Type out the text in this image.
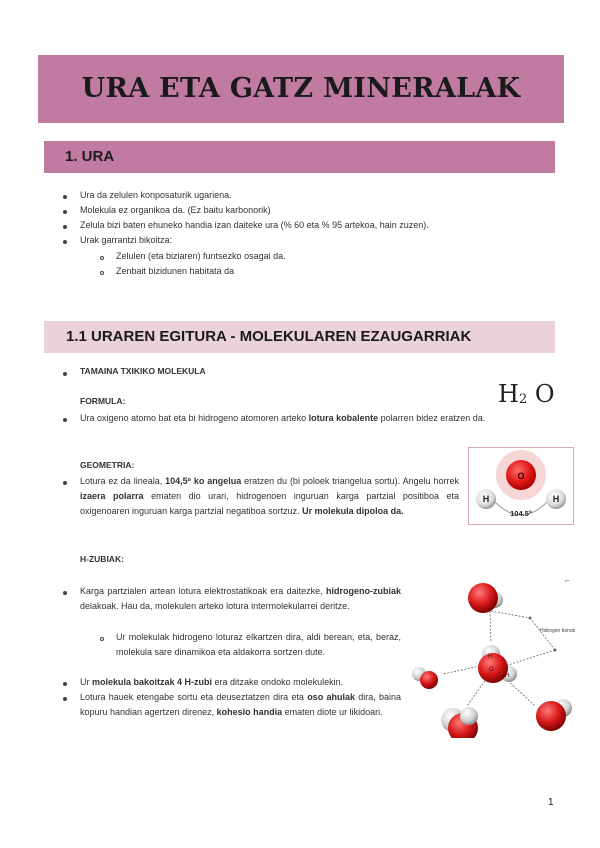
URA ETA GATZ MINERALAK
1. URA
Ura da zelulen konposaturik ugariena.
Molekula ez organikoa da. (Ez baitu karbonorik)
Zelula bizi baten ehuneko handia izan daiteke ura (% 60 eta % 95 artekoa, hain zuzen).
Urak garrantzi bikoitza:
Zelulen (eta biziaren) funtsezko osagai da.
Zenbait bizidunen habitata da
1.1 URAREN EGITURA - MOLEKULAREN EZAUGARRIAK
TAMAINA TXIKIKO MOLEKULA
FORMULA:
Ura oxigeno atomo bat eta bi hidrogeno atomoren arteko lotura kobalente polarren bidez eratzen da.
H2 O
GEOMETRIA:
Lotura ez da lineala, 104,5º ko angelua eratzen du (bi poloek triangelua sortu). Angelu horrek izaera polarra ematen dio urari, hidrogenoen inguruan karga partzial positiboa eta oxigenoaren inguruan karga partzial negatiboa sortzuz. Ur molekula dipoloa da.
O
H	H
104.5°
H-ZUBIAK:
Karga partzialen artean lotura elektrostatikoak era daitezke, hidrogeno-zubiak delakoak. Hau da, molekulen arteko lotura intermolekularrei deritze.
Ur molekulak hidrogeno loturaz elkartzen dira, aldi berean, eta, beraz, molekula sare dinamikoa eta aldakorra sortzen dute.
Ur molekula bakoitzak 4 H-zubi era ditzake ondoko molekulekin.
Lotura hauek etengabe sortu eta deuseztatzen dira eta oso ahulak dira, baina kopuru handian agertzen direnez, kohesio handia ematen diote ur likidoari.
⌐ ˜
Hidrogen bonds
H
O
H
1
